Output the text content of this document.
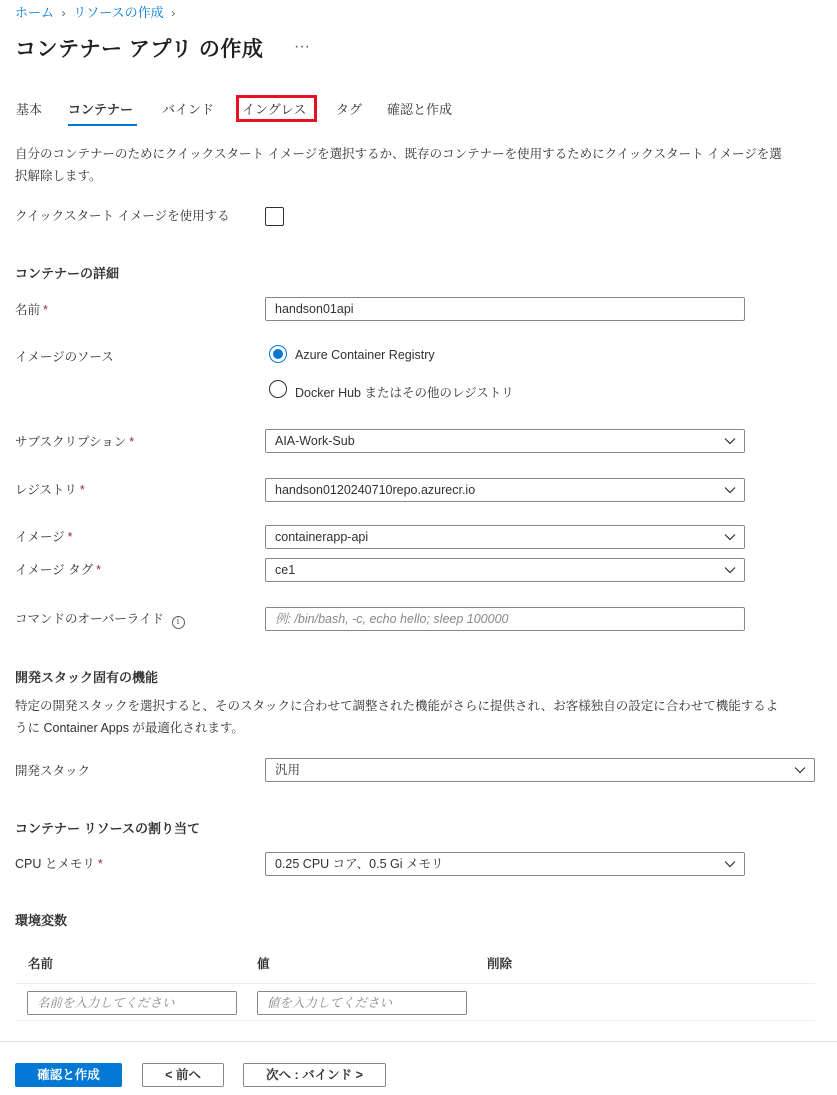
ホーム › リソースの作成 ›
コンテナー アプリ の作成 ···
基本 コンテナー バインド イングレス タグ 確認と作成
自分のコンテナーのためにクイックスタート イメージを選択するか、既存のコンテナーを使用するためにクイックスタート イメージを選
択解除します。
クイックスタート イメージを使用する
コンテナーの詳細
名前 *	handson01api
イメージのソース	Azure Container Registry
Docker Hub またはその他のレジストリ
サブスクリプション *	AIA-Work-Sub
レジストリ *	handson0120240710repo.azurecr.io
イメージ *	containerapp-api
イメージ タグ *	ce1
コマンドのオーバーライド i	例: /bin/bash, -c, echo hello; sleep 100000
開発スタック固有の機能
特定の開発スタックを選択すると、そのスタックに合わせて調整された機能がさらに提供され、お客様独自の設定に合わせて機能するよ
うに Container Apps が最適化されます。
開発スタック	汎用
コンテナー リソースの割り当て
CPU とメモリ *	0.25 CPU コア、0.5 Gi メモリ
環境変数
名前	値	削除
名前を入力してください	値を入力してください
確認と作成	< 前へ	次へ : バインド >
